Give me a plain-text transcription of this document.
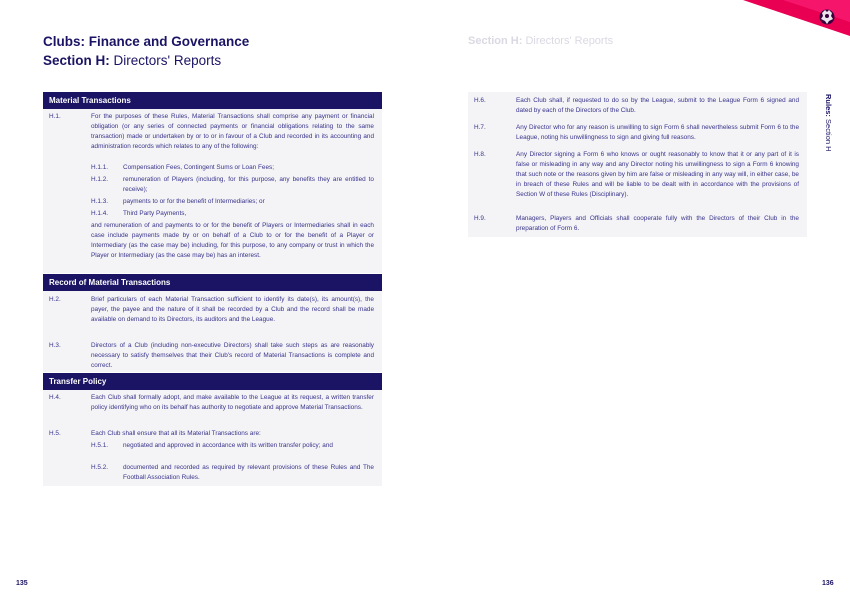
Clubs: Finance and Governance
Section H: Directors' Reports
Material Transactions
H.1.	For the purposes of these Rules, Material Transactions shall comprise any payment or financial obligation (or any series of connected payments or financial obligations relating to the same transaction) made or undertaken by or to or in favour of a Club and recorded in its accounting and administration records which relates to any of the following:
H.1.1. Compensation Fees, Contingent Sums or Loan Fees;
H.1.2. remuneration of Players (including, for this purpose, any benefits they are entitled to receive);
H.1.3. payments to or for the benefit of Intermediaries; or
H.1.4. Third Party Payments,
and remuneration of and payments to or for the benefit of Players or Intermediaries shall in each case include payments made by or on behalf of a Club to or for the benefit of a Player or Intermediary (as the case may be) including, for this purpose, to any company or trust in which the Player or Intermediary (as the case may be) has an interest.
Record of Material Transactions
H.2.	Brief particulars of each Material Transaction sufficient to identify its date(s), its amount(s), the payer, the payee and the nature of it shall be recorded by a Club and the record shall be made available on demand to its Directors, its auditors and the League.
H.3.	Directors of a Club (including non-executive Directors) shall take such steps as are reasonably necessary to satisfy themselves that their Club's record of Material Transactions is complete and correct.
Transfer Policy
H.4.	Each Club shall formally adopt, and make available to the League at its request, a written transfer policy identifying who on its behalf has authority to negotiate and approve Material Transactions.
H.5.	Each Club shall ensure that all its Material Transactions are:
H.5.1. negotiated and approved in accordance with its written transfer policy; and
H.5.2. documented and recorded as required by relevant provisions of these Rules and The Football Association Rules.
135
Section H: Directors' Reports
H.6.	Each Club shall, if requested to do so by the League, submit to the League Form 6 signed and dated by each of the Directors of the Club.
H.7.	Any Director who for any reason is unwilling to sign Form 6 shall nevertheless submit Form 6 to the League, noting his unwillingness to sign and giving full reasons.
H.8.	Any Director signing a Form 6 who knows or ought reasonably to know that it or any part of it is false or misleading in any way and any Director noting his unwillingness to sign a Form 6 knowing that such note or the reasons given by him are false or misleading in any way will, in either case, be in breach of these Rules and will be liable to be dealt with in accordance with the provisions of Section W of these Rules (Disciplinary).
H.9.	Managers, Players and Officials shall cooperate fully with the Directors of their Club in the preparation of Form 6.
Rules: Section H
136
